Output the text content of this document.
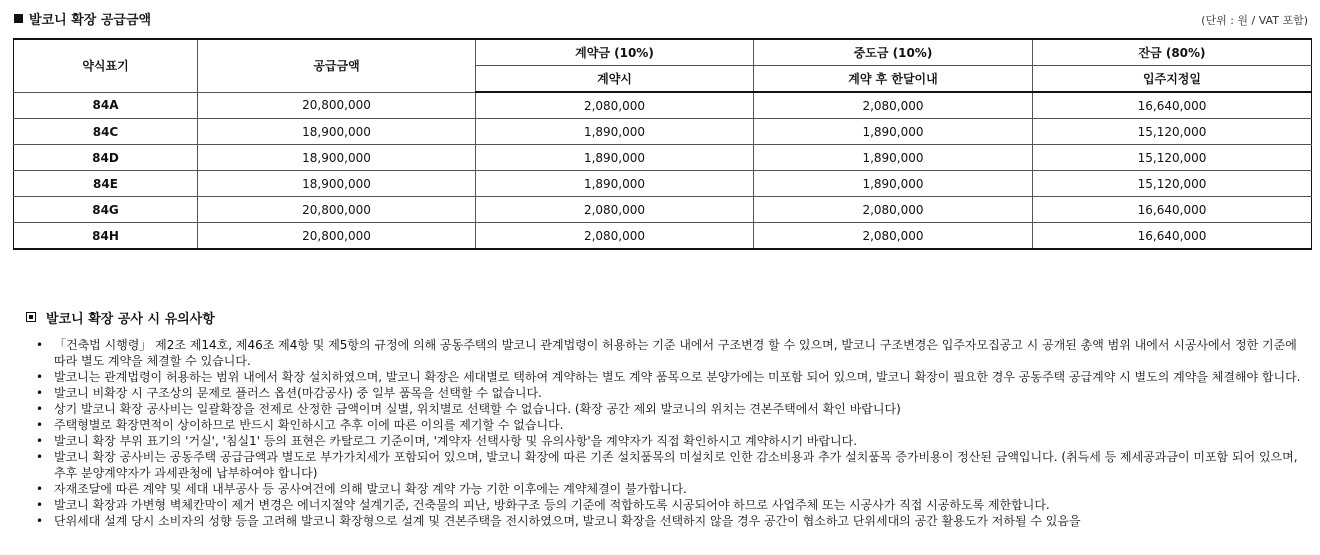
발코니 확장 공급금액	(단위 : 원 / VAT 포함)
약식표기	공급금액	계약금 (10%)	중도금 (10%)	잔금 (80%)
		계약시	계약 후 한달이내	입주지정일
84A	20,800,000	2,080,000	2,080,000	16,640,000
84C	18,900,000	1,890,000	1,890,000	15,120,000
84D	18,900,000	1,890,000	1,890,000	15,120,000
84E	18,900,000	1,890,000	1,890,000	15,120,000
84G	20,800,000	2,080,000	2,080,000	16,640,000
84H	20,800,000	2,080,000	2,080,000	16,640,000
발코니 확장 공사 시 유의사항
• 「건축법 시행령」 제2조 제14호, 제46조 제4항 및 제5항의 규정에 의해 공동주택의 발코니 관계법령이 허용하는 기준 내에서 구조변경 할 수 있으며, 발코니 구조변경은 입주자모집공고 시 공개된 총액 범위 내에서 시공사에서 정한 기준에 따라 별도 계약을 체결할 수 있습니다.
• 발코니는 관계법령이 허용하는 범위 내에서 확장 설치하였으며, 발코니 확장은 세대별로 택하여 계약하는 별도 계약 품목으로 분양가에는 미포함 되어 있으며, 발코니 확장이 필요한 경우 공동주택 공급계약 시 별도의 계약을 체결해야 합니다.
• 발코니 비확장 시 구조상의 문제로 플러스 옵션(마감공사) 중 일부 품목을 선택할 수 없습니다.
• 상기 발코니 확장 공사비는 일괄확장을 전제로 산정한 금액이며 실별, 위치별로 선택할 수 없습니다. (확장 공간 제외 발코니의 위치는 견본주택에서 확인 바랍니다)
• 주택형별로 확장면적이 상이하므로 반드시 확인하시고 추후 이에 따른 이의를 제기할 수 없습니다.
• 발코니 확장 부위 표기의 '거실', '침실1' 등의 표현은 카탈로그 기준이며, '계약자 선택사항 및 유의사항'을 계약자가 직접 확인하시고 계약하시기 바랍니다.
• 발코니 확장 공사비는 공동주택 공급금액과 별도로 부가가치세가 포함되어 있으며, 발코니 확장에 따른 기존 설치품목의 미설치로 인한 감소비용과 추가 설치품목 증가비용이 정산된 금액입니다. (취득세 등 제세공과금이 미포함 되어 있으며, 추후 분양계약자가 과세관청에 납부하여야 합니다)
• 자재조달에 따른 계약 및 세대 내부공사 등 공사여건에 의해 발코니 확장 계약 가능 기한 이후에는 계약체결이 불가합니다.
• 발코니 확장과 가변형 벽체칸막이 제거 변경은 에너지절약 설계기준, 건축물의 피난, 방화구조 등의 기준에 적합하도록 시공되어야 하므로 사업주체 또는 시공사가 직접 시공하도록 제한합니다.
• 단위세대 설계 당시 소비자의 성향 등을 고려해 발코니 확장형으로 설계 및 견본주택을 전시하였으며, 발코니 확장을 선택하지 않을 경우 공간이 협소하고 단위세대의 공간 활용도가 저하될 수 있음을
